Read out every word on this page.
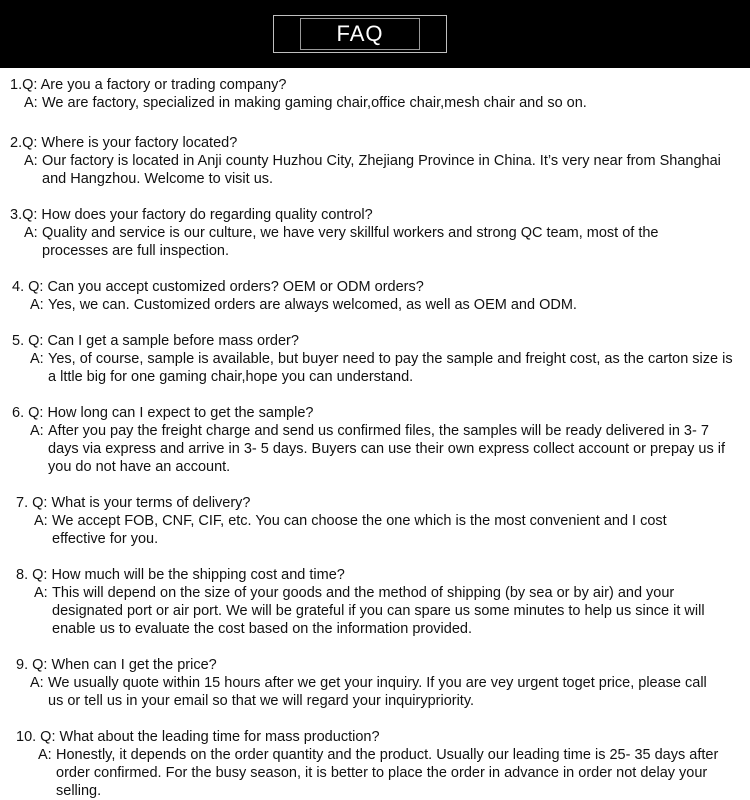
FAQ
1.Q: Are you a factory or trading company?
A: We are factory, specialized in making gaming chair,office chair,mesh chair and so on.
2.Q: Where is your factory located?
A: Our factory is located in Anji county Huzhou City, Zhejiang Province in China. It’s very near from Shanghai and Hangzhou. Welcome to visit us.
3.Q: How does your factory do regarding quality control?
A: Quality and service is our culture, we have very skillful workers and strong QC team, most of the processes are full inspection.
4. Q: Can you accept customized orders? OEM or ODM orders?
A: Yes, we can. Customized orders are always welcomed, as well as OEM and ODM.
5. Q: Can I get a sample before mass order?
A: Yes, of course, sample is available, but buyer need to pay the sample and freight cost, as the carton size is a lttle big for one gaming chair,hope you can understand.
6. Q: How long can I expect to get the sample?
A: After you pay the freight charge and send us confirmed files, the samples will be ready delivered in 3- 7 days via express and arrive in 3- 5 days. Buyers can use their own express collect account or prepay us if you do not have an account.
7. Q: What is your terms of delivery?
A: We accept FOB, CNF, CIF, etc. You can choose the one which is the most convenient and I cost effective for you.
8. Q: How much will be the shipping cost and time?
A: This will depend on the size of your goods and the method of shipping (by sea or by air) and your designated port or air port. We will be grateful if you can spare us some minutes to help us since it will enable us to evaluate the cost based on the information provided.
9. Q: When can I get the price?
A: We usually quote within 15 hours after we get your inquiry. If you are vey urgent toget price, please call us or tell us in your email so that we will regard your inquirypriority.
10. Q: What about the leading time for mass production?
A: Honestly, it depends on the order quantity and the product. Usually our leading time is 25- 35 days after order confirmed. For the busy season, it is better to place the order in advance in order not delay your selling.
